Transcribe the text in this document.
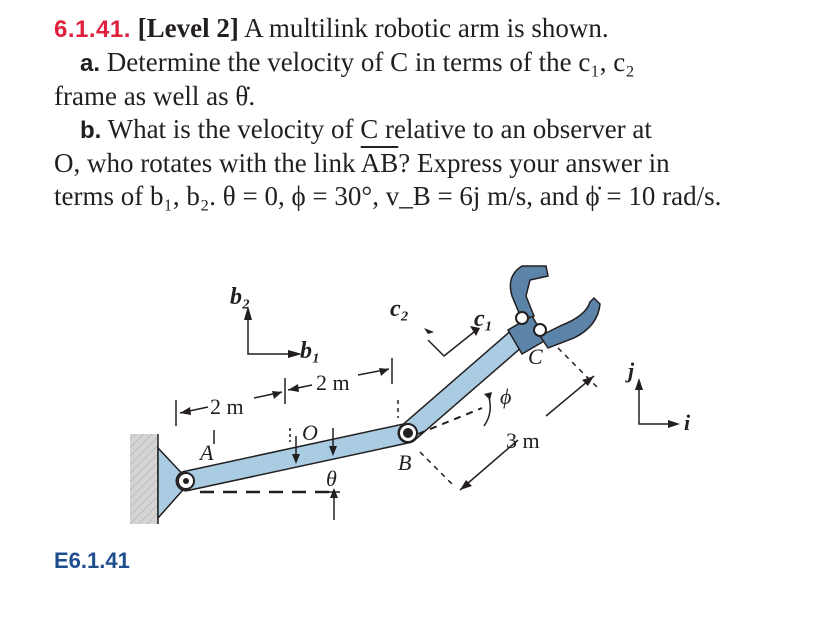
6.1.41. [Level 2] A multilink robotic arm is shown.
a. Determine the velocity of C in terms of the c₁, c₂
frame as well as θ̇.
b. What is the velocity of C relative to an observer at
O, who rotates with the link $\overline{AB}$? Express your answer in
terms of b₁, b₂. θ = 0, ϕ = 30°, v_B = 6j m/s, and ϕ̇ = 10 rad/s.
b₂
b₁
c₂	c₁
2 m
2 m
3 m
A
O
B
C
θ
ϕ
j
i
E6.1.41
